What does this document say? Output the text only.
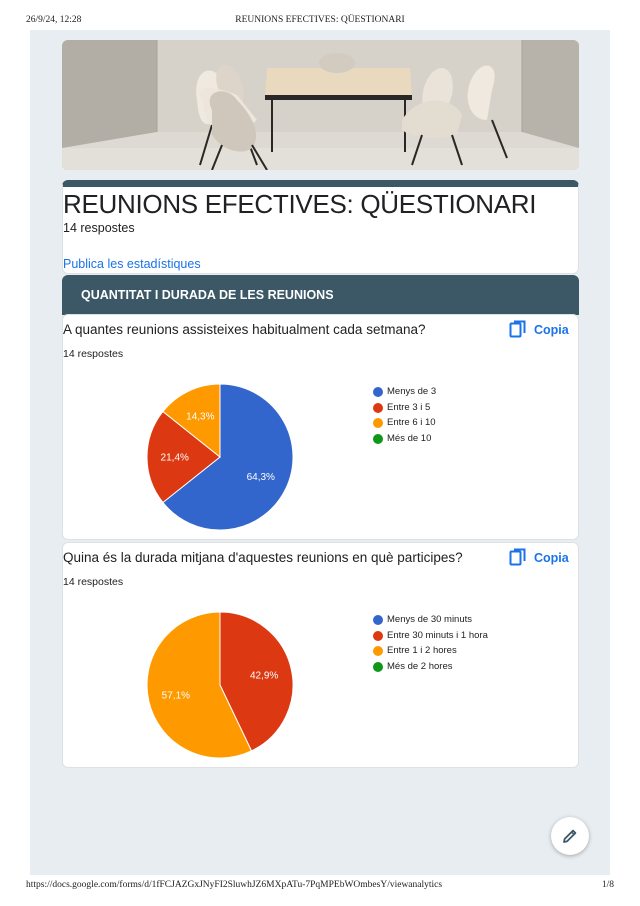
26/9/24, 12:28	REUNIONS EFECTIVES: QÜESTIONARI
REUNIONS EFECTIVES: QÜESTIONARI
14 respostes
Publica les estadístiques
QUANTITAT I DURADA DE LES REUNIONS
A quantes reunions assisteixes habitualment cada setmana?
14 respostes
Copia
64,3%
21,4%
14,3%
Menys de 3
Entre 3 i 5
Entre 6 i 10
Més de 10
Quina és la durada mitjana d'aquestes reunions en què participes?
14 respostes
Copia
42,9%
57,1%
Menys de 30 minuts
Entre 30 minuts i 1 hora
Entre 1 i 2 hores
Més de 2 hores
https://docs.google.com/forms/d/1fFCJAZGxJNyFI2SluwhJZ6MXpATu-7PqMPEbWOmbesY/viewanalytics	1/8
